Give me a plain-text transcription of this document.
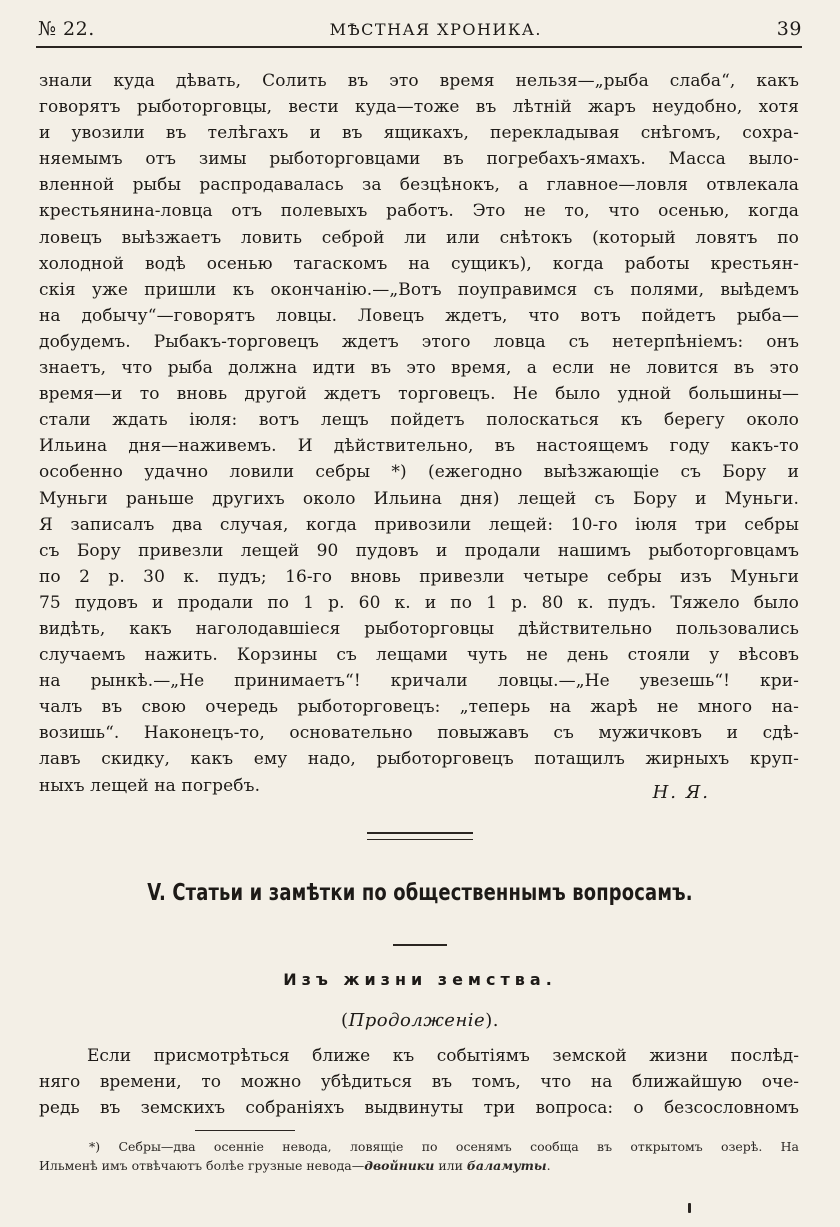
№ 22.	МѢСТНАЯ ХРОНИКА.	39
знали куда дѣвать, Солить въ это время нельзя—„рыба слаба“, какъ
говорятъ рыботорговцы, вести куда—тоже въ лѣтній жаръ неудобно, хотя
и увозили въ телѣгахъ и въ ящикахъ, перекладывая снѣгомъ, сохра-
няемымъ отъ зимы рыботорговцами въ погребахъ-ямахъ. Масса выло-
вленной рыбы распродавалась за безцѣнокъ, а главное—ловля отвлекала
крестьянина-ловца отъ полевыхъ работъ. Это не то, что осенью, когда
ловецъ выѣзжаетъ ловить себрой ли или снѣтокъ (который ловятъ по
холодной водѣ осенью тагаскомъ на сущикъ), когда работы крестьян-
скія уже пришли къ окончанію.—„Вотъ поуправимся съ полями, выѣдемъ
на добычу“—говорятъ ловцы. Ловецъ ждетъ, что вотъ пойдетъ рыба—
добудемъ. Рыбакъ-торговецъ ждетъ этого ловца съ нетерпѣніемъ: онъ
знаетъ, что рыба должна идти въ это время, а если не ловится въ это
время—и то вновь другой ждетъ торговецъ. Не было удной большины—
стали ждать іюля: вотъ лещъ пойдетъ полоскаться къ берегу около
Ильина дня—наживемъ. И дѣйствительно, въ настоящемъ году какъ-то
особенно удачно ловили себры *) (ежегодно выѣзжающіе съ Бору и
Муньги раньше другихъ около Ильина дня) лещей съ Бору и Муньги.
Я записалъ два случая, когда привозили лещей: 10-го іюля три себры
съ Бору привезли лещей 90 пудовъ и продали нашимъ рыботорговцамъ
по 2 р. 30 к. пудъ; 16-го вновь привезли четыре себры изъ Муньги
75 пудовъ и продали по 1 р. 60 к. и по 1 р. 80 к. пудъ. Тяжело было
видѣть, какъ наголодавшіеся рыботорговцы дѣйствительно пользовались
случаемъ нажить. Корзины съ лещами чуть не день стояли у вѣсовъ
на рынкѣ.—„Не принимаетъ“! кричали ловцы.—„Не увезешь“! кри-
чалъ въ свою очередь рыботорговецъ: „теперь на жарѣ не много на-
возишь“. Наконецъ-то, основательно повыжавъ съ мужичковъ и сдѣ-
лавъ скидку, какъ ему надо, рыботорговецъ потащилъ жирныхъ круп-
ныхъ лещей на погребъ.	Н. Я.
V. Статьи и замѣтки по общественнымъ вопросамъ.
Изъ жизни земства.
(Продолженіе).
Если присмотрѣться ближе къ событіямъ земской жизни послѣд-
няго времени, то можно убѣдиться въ томъ, что на ближайшую оче-
редь въ земскихъ собраніяхъ выдвинуты три вопроса: о безсословномъ
*) Себры—два осенніе невода, ловящіе по осенямъ сообща въ открытомъ озерѣ. На
Ильменѣ имъ отвѣчаютъ болѣе грузные невода—двойники или баламуты.
